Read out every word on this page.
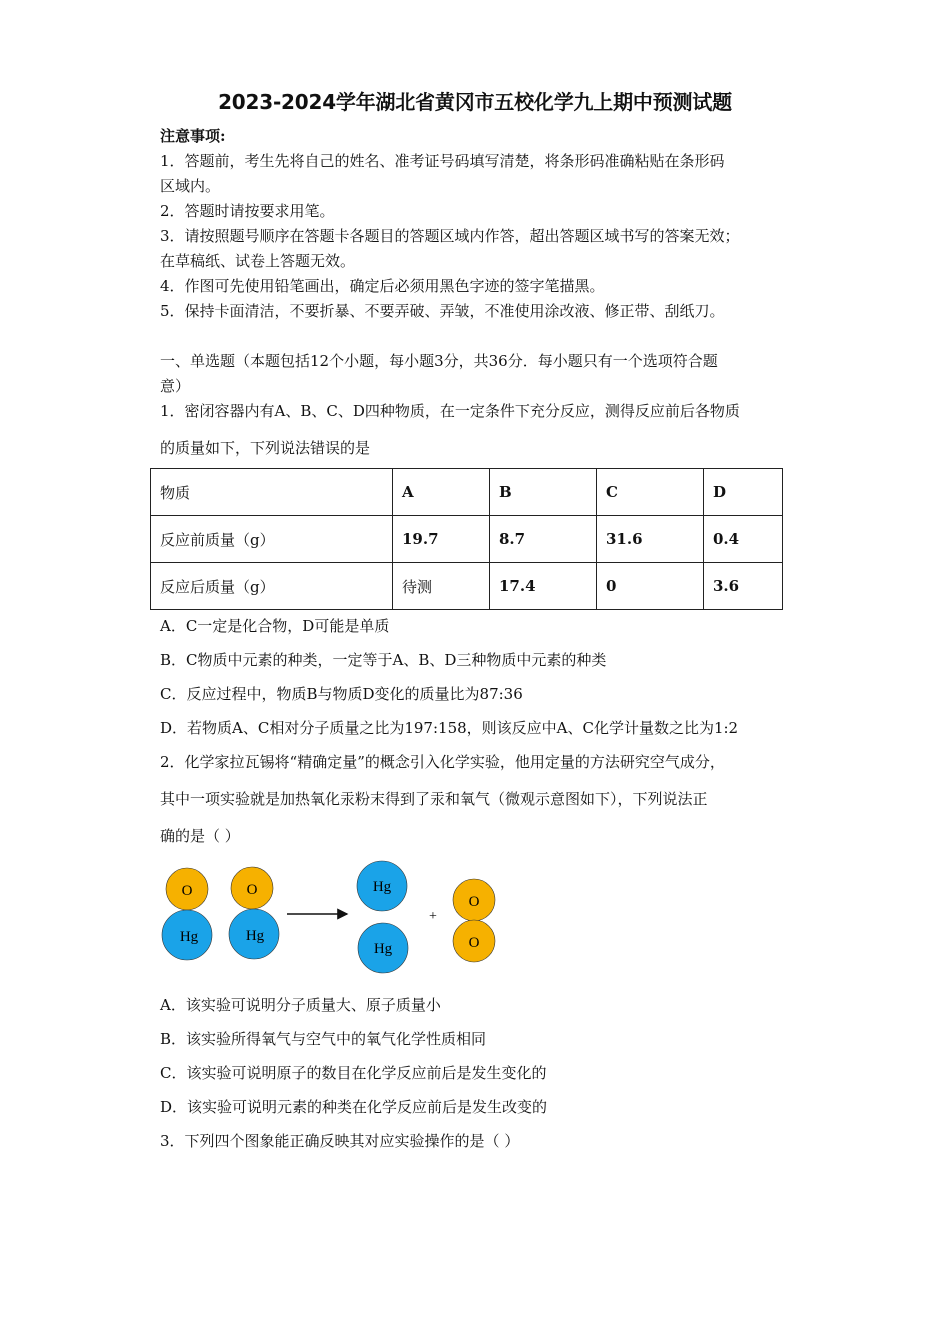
2023-2024学年湖北省黄冈市五校化学九上期中预测试题
注意事项:
1．答题前，考生先将自己的姓名、准考证号码填写清楚，将条形码准确粘贴在条形码
区域内。
2．答题时请按要求用笔。
3．请按照题号顺序在答题卡各题目的答题区域内作答，超出答题区域书写的答案无效；
在草稿纸、试卷上答题无效。
4．作图可先使用铅笔画出，确定后必须用黑色字迹的签字笔描黑。
5．保持卡面清洁，不要折暴、不要弄破、弄皱，不准使用涂改液、修正带、刮纸刀。
一、单选题（本题包括12个小题，每小题3分，共36分．每小题只有一个选项符合题
意）
1．密闭容器内有A、B、C、D四种物质，在一定条件下充分反应，测得反应前后各物质
的质量如下，下列说法错误的是
物质	A	B	C	D
反应前质量（g）	19.7	8.7	31.6	0.4
反应后质量（g）	待测	17.4	0	3.6
A．C一定是化合物，D可能是单质
B．C物质中元素的种类，一定等于A、B、D三种物质中元素的种类
C．反应过程中，物质B与物质D变化的质量比为87:36
D．若物质A、C相对分子质量之比为197:158，则该反应中A、C化学计量数之比为1:2
2．化学家拉瓦锡将“精确定量”的概念引入化学实验，他用定量的方法研究空气成分，
其中一项实验就是加热氧化汞粉末得到了汞和氧气（微观示意图如下），下列说法正
确的是（ ）
O
Hg
O
Hg
Hg
Hg
+
O
O
A．该实验可说明分子质量大、原子质量小
B．该实验所得氧气与空气中的氧气化学性质相同
C．该实验可说明原子的数目在化学反应前后是发生变化的
D．该实验可说明元素的种类在化学反应前后是发生改变的
3．下列四个图象能正确反映其对应实验操作的是（ ）
